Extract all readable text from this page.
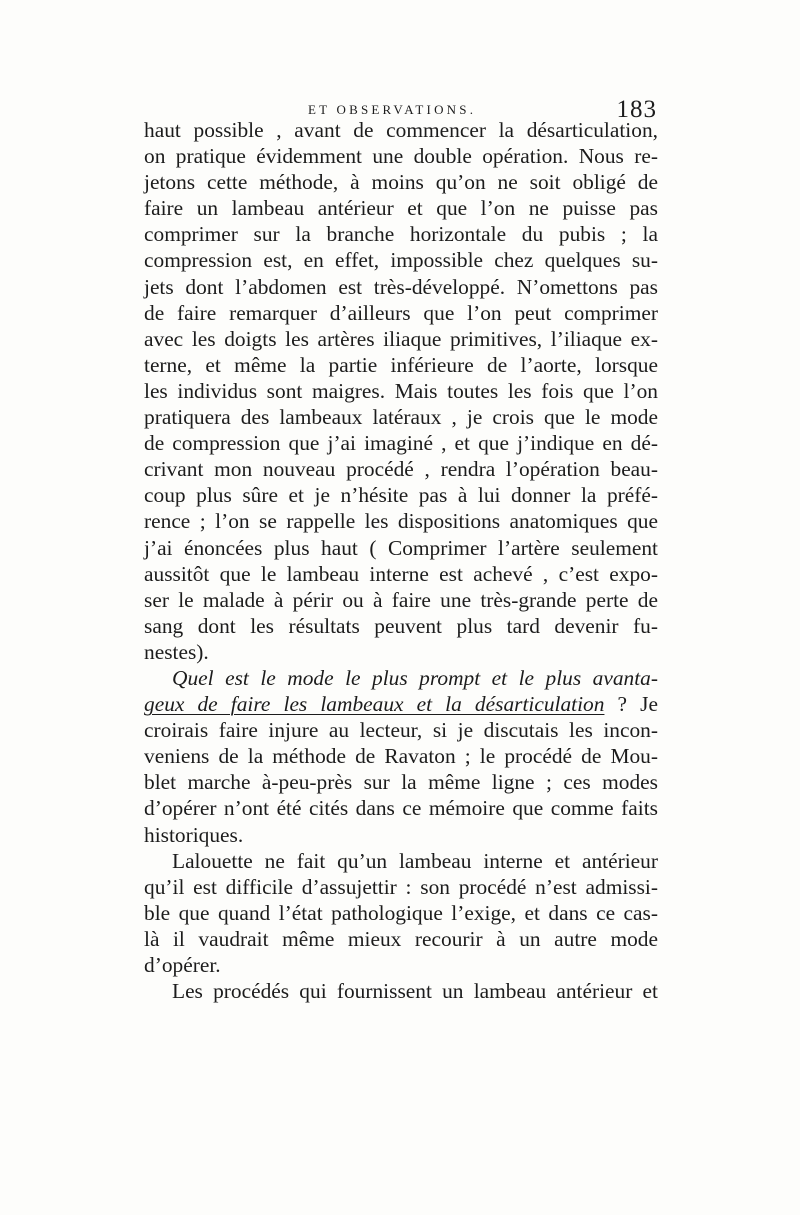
ET OBSERVATIONS.	183
haut possible , avant de commencer la désarticulation,
on pratique évidemment une double opération. Nous re-
jetons cette méthode, à moins qu’on ne soit obligé de
faire un lambeau antérieur et que l’on ne puisse pas
comprimer sur la branche horizontale du pubis ; la
compression est, en effet, impossible chez quelques su-
jets dont l’abdomen est très-développé. N’omettons pas
de faire remarquer d’ailleurs que l’on peut comprimer
avec les doigts les artères iliaque primitives, l’iliaque ex-
terne, et même la partie inférieure de l’aorte, lorsque
les individus sont maigres. Mais toutes les fois que l’on
pratiquera des lambeaux latéraux , je crois que le mode
de compression que j’ai imaginé , et que j’indique en dé-
crivant mon nouveau procédé , rendra l’opération beau-
coup plus sûre et je n’hésite pas à lui donner la préfé-
rence ; l’on se rappelle les dispositions anatomiques que
j’ai énoncées plus haut ( Comprimer l’artère seulement
aussitôt que le lambeau interne est achevé , c’est expo-
ser le malade à périr ou à faire une très-grande perte de
sang dont les résultats peuvent plus tard devenir fu-
nestes).
Quel est le mode le plus prompt et le plus avanta-
geux de faire les lambeaux et la désarticulation ? Je
croirais faire injure au lecteur, si je discutais les incon-
veniens de la méthode de Ravaton ; le procédé de Mou-
blet marche à-peu-près sur la même ligne ; ces modes
d’opérer n’ont été cités dans ce mémoire que comme faits
historiques.
Lalouette ne fait qu’un lambeau interne et antérieur
qu’il est difficile d’assujettir : son procédé n’est admissi-
ble que quand l’état pathologique l’exige, et dans ce cas-
là il vaudrait même mieux recourir à un autre mode
d’opérer.
Les procédés qui fournissent un lambeau antérieur et
